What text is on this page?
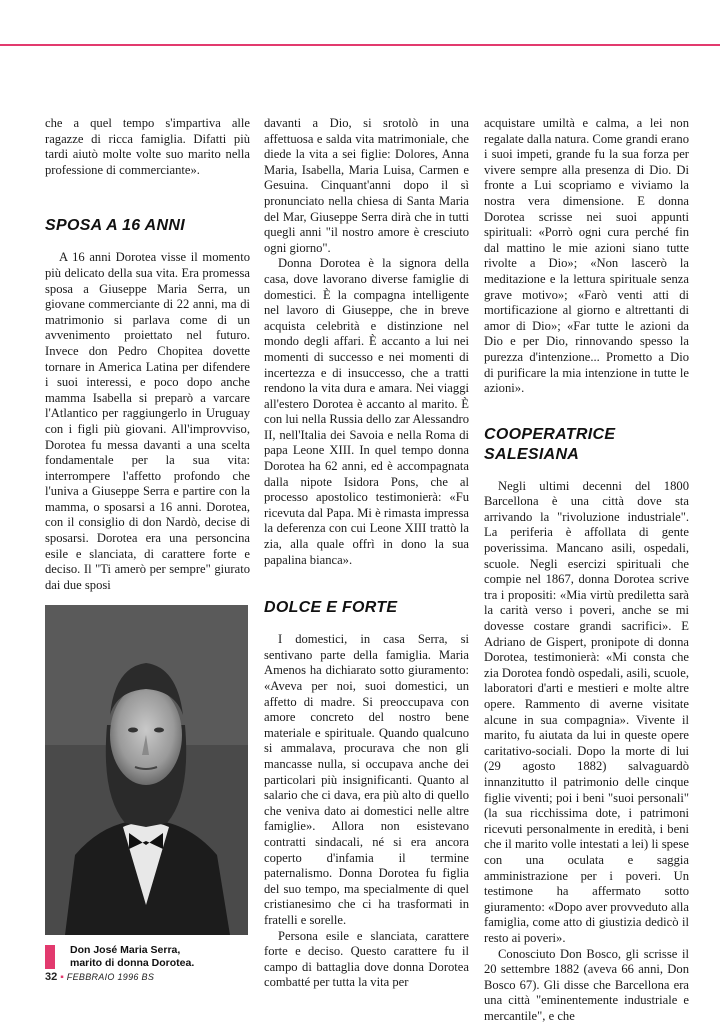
che a quel tempo s'impartiva alle ragazze di ricca famiglia. Difatti più tardi aiutò molte volte suo marito nella professione di commerciante».

SPOSA A 16 ANNI

A 16 anni Dorotea visse il momento più delicato della sua vita. Era promessa sposa a Giuseppe Maria Serra, un giovane commerciante di 22 anni, ma di matrimonio si parlava come di un avvenimento proiettato nel futuro. Invece don Pedro Chopitea dovette tornare in America Latina per difendere i suoi interessi, e poco dopo anche mamma Isabella si preparò a varcare l'Atlantico per raggiungerlo in Uruguay con i figli più giovani. All'improvviso, Dorotea fu messa davanti a una scelta fondamentale per la sua vita: interrompere l'affetto profondo che l'univa a Giuseppe Serra e partire con la mamma, o sposarsi a 16 anni. Dorotea, con il consiglio di don Nardò, decise di sposarsi. Dorotea era una personcina esile e slanciata, di carattere forte e deciso. Il "Ti amerò per sempre" giurato dai due sposi

davanti a Dio, si srotolò in una affettuosa e salda vita matrimoniale, che diede la vita a sei figlie: Dolores, Anna Maria, Isabella, Maria Luisa, Carmen e Gesuina. Cinquant'anni dopo il sì pronunciato nella chiesa di Santa Maria del Mar, Giuseppe Serra dirà che in tutti quegli anni "il nostro amore è cresciuto ogni giorno".

Donna Dorotea è la signora della casa, dove lavorano diverse famiglie di domestici. È la compagna intelligente nel lavoro di Giuseppe, che in breve acquista celebrità e distinzione nel mondo degli affari. È accanto a lui nei momenti di successo e nei momenti di incertezza e di insuccesso, che a tratti rendono la vita dura e amara. Nei viaggi all'estero Dorotea è accanto al marito. È con lui nella Russia dello zar Alessandro II, nell'Italia dei Savoia e nella Roma di papa Leone XIII. In quel tempo donna Dorotea ha 62 anni, ed è accompagnata dalla nipote Isidora Pons, che al processo apostolico testimonierà: «Fu ricevuta dal Papa. Mi è rimasta impressa la deferenza con cui Leone XIII trattò la zia, alla quale offrì in dono la sua papalina bianca».

DOLCE E FORTE

I domestici, in casa Serra, si sentivano parte della famiglia. Maria Amenos ha dichiarato sotto giuramento: «Aveva per noi, suoi domestici, un affetto di madre. Si preoccupava con amore concreto del nostro bene materiale e spirituale. Quando qualcuno si ammalava, procurava che non gli mancasse nulla, si occupava anche dei particolari più insignificanti. Quanto al salario che ci dava, era più alto di quello che veniva dato ai domestici nelle altre famiglie». Allora non esistevano contratti sindacali, né si era ancora coperto d'infamia il termine paternalismo. Donna Dorotea fu figlia del suo tempo, ma specialmente di quel cristianesimo che ci ha trasformati in fratelli e sorelle.

Persona esile e slanciata, carattere forte e deciso. Questo carattere fu il campo di battaglia dove donna Dorotea combatté per tutta la vita per

acquistare umiltà e calma, a lei non regalate dalla natura. Come grandi erano i suoi impeti, grande fu la sua forza per vivere sempre alla presenza di Dio. Di fronte a Lui scopriamo e viviamo la nostra vera dimensione. E donna Dorotea scrisse nei suoi appunti spirituali: «Porrò ogni cura perché fin dal mattino le mie azioni siano tutte rivolte a Dio»; «Non lascerò la meditazione e la lettura spirituale senza grave motivo»; «Farò venti atti di mortificazione al giorno e altrettanti di amor di Dio»; «Far tutte le azioni da Dio e per Dio, rinnovando spesso la purezza d'intenzione... Prometto a Dio di purificare la mia intenzione in tutte le azioni».

COOPERATRICE
SALESIANA

Negli ultimi decenni del 1800 Barcellona è una città dove sta arrivando la "rivoluzione industriale". La periferia è affollata di gente poverissima. Mancano asili, ospedali, scuole. Negli esercizi spirituali che compie nel 1867, donna Dorotea scrive tra i propositi: «Mia virtù prediletta sarà la carità verso i poveri, anche se mi dovesse costare grandi sacrifici». E Adriano de Gispert, pronipote di donna Dorotea, testimonierà: «Mi consta che zia Dorotea fondò ospedali, asili, scuole, laboratori d'arti e mestieri e molte altre opere. Rammento di averne visitate alcune in sua compagnia». Vivente il marito, fu aiutata da lui in queste opere caritativo-sociali. Dopo la morte di lui (29 agosto 1882) salvaguardò innanzitutto il patrimonio delle cinque figlie viventi; poi i beni "suoi personali" (la sua ricchissima dote, i patrimoni ricevuti personalmente in eredità, i beni che il marito volle intestati a lei) li spese con una oculata e saggia amministrazione per i poveri. Un testimone ha affermato sotto giuramento: «Dopo aver provveduto alla famiglia, come atto di giustizia dedicò il resto ai poveri».

Conosciuto Don Bosco, gli scrisse il 20 settembre 1882 (aveva 66 anni, Don Bosco 67). Gli disse che Barcellona era una città "eminentemente industriale e mercantile", e che

Don José Maria Serra,
marito di donna Dorotea.
32 ▪ FEBBRAIO 1996 BS
